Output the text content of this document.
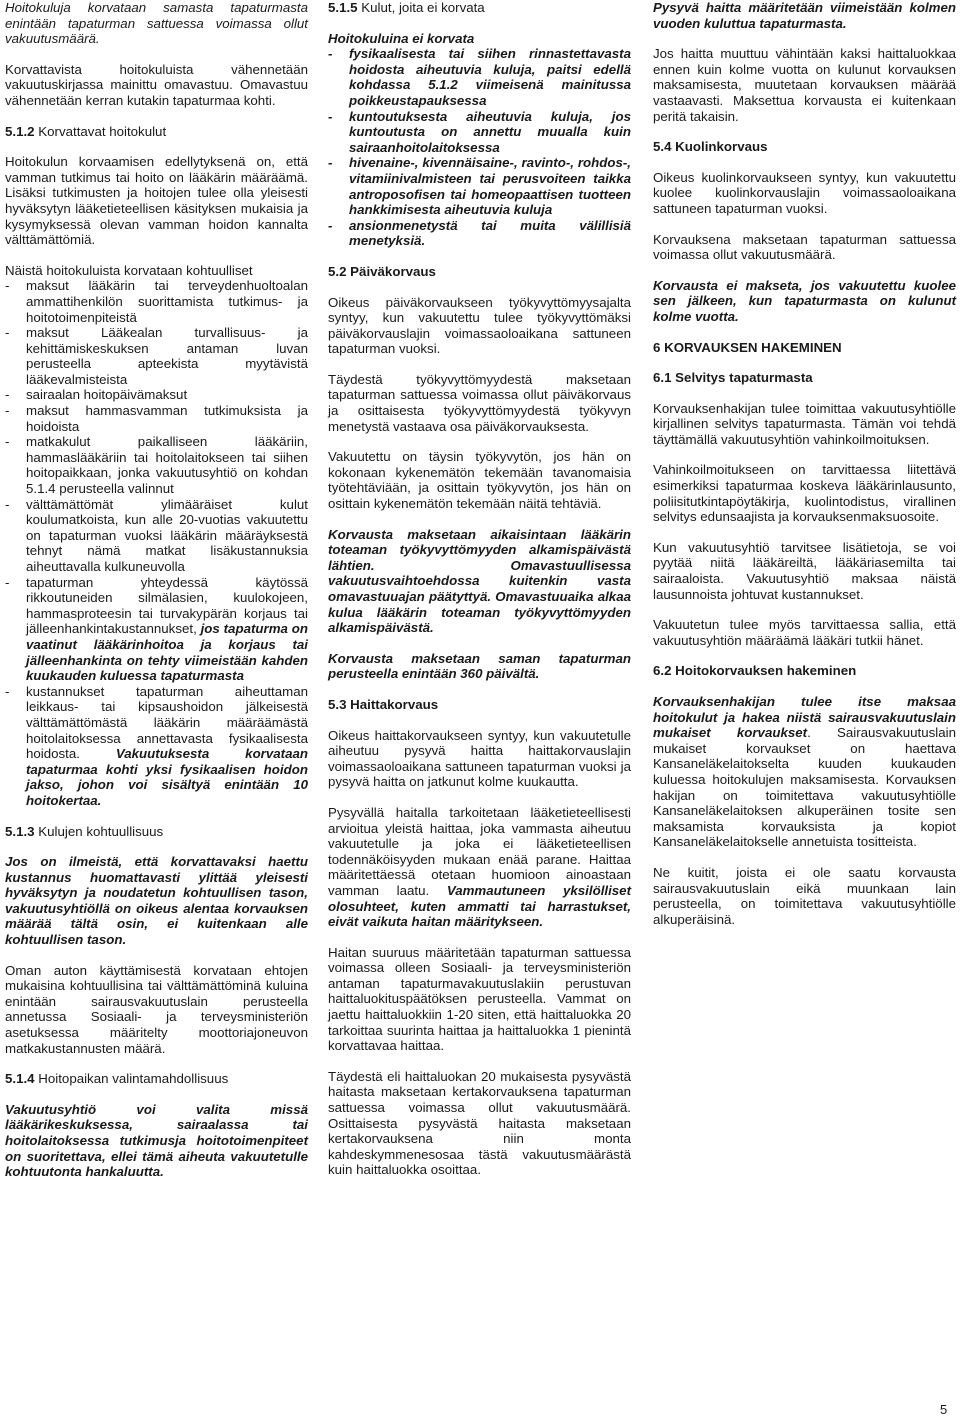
Hoitokuluja korvataan samasta tapaturmasta enintään tapaturman sattuessa voimassa ollut vakuutusmäärä.

Korvattavista hoitokuluista vähennetään vakuutuskirjassa mainittu omavastuu. Omavastuu vähennetään kerran kutakin tapaturmaa kohti.

5.1.2 Korvattavat hoitokulut

Hoitokulun korvaamisen edellytyksenä on, että vamman tutkimus tai hoito on lääkärin määräämä. Lisäksi tutkimusten ja hoitojen tulee olla yleisesti hyväksytyn lääketieteellisen käsityksen mukaisia ja kysymyksessä olevan vamman hoidon kannalta välttämättömiä.

Näistä hoitokuluista korvataan kohtuulliset

- maksut lääkärin tai terveydenhuoltoalan ammattihenkilön suorittamista tutkimus- ja hoitotoimenpiteistä

- maksut Lääkealan turvallisuus- ja kehittämiskeskuksen antaman luvan perusteella apteekista myytävistä lääkevalmisteista

- sairaalan hoitopäivämaksut

- maksut hammasvamman tutkimuksista ja hoidoista

- matkakulut paikalliseen lääkäriin, hammaslääkäriin tai hoitolaitokseen tai siihen hoitopaikkaan, jonka vakuutusyhtiö on kohdan 5.1.4 perusteella valinnut

- välttämättömät ylimääräiset kulut koulumatkoista, kun alle 20-vuotias vakuutettu on tapaturman vuoksi lääkärin määräyksestä tehnyt nämä matkat lisäkustannuksia aiheuttavalla kulkuneuvolla

- tapaturman yhteydessä käytössä rikkoutuneiden silmälasien, kuulokojeen, hammasproteesin tai turvakypärän korjaus tai jälleenhankintakustannukset, jos tapaturma on vaatinut lääkärinhoitoa ja korjaus tai jälleenhankinta on tehty viimeistään kahden kuukauden kuluessa tapaturmasta

- kustannukset tapaturman aiheuttaman leikkaus- tai kipsaushoidon jälkeisestä välttämättömästä lääkärin määräämästä hoitolaitoksessa annettavasta fysikaalisesta hoidosta. Vakuutuksesta korvataan tapaturmaa kohti yksi fysikaalisen hoidon jakso, johon voi sisältyä enintään 10 hoitokertaa.

5.1.3 Kulujen kohtuullisuus

Jos on ilmeistä, että korvattavaksi haettu kustannus huomattavasti ylittää yleisesti hyväksytyn ja noudatetun kohtuullisen tason, vakuutusyhtiöllä on oikeus alentaa korvauksen määrää tältä osin, ei kuitenkaan alle kohtuullisen tason.

Oman auton käyttämisestä korvataan ehtojen mukaisina kohtuullisina tai välttämättöminä kuluina enintään sairausvakuutuslain perusteella annetussa Sosiaali- ja terveysministeriön asetuksessa määritelty moottoriajoneuvon matkakustannusten määrä.

5.1.4 Hoitopaikan valintamahdollisuus

Vakuutusyhtiö voi valita missä lääkärikeskuksessa, sairaalassa tai hoitolaitoksessa tutkimusja hoitotoimenpiteet on suoritettava, ellei tämä aiheuta vakuutetulle kohtuutonta hankaluutta.

5.1.5 Kulut, joita ei korvata

Hoitokuluina ei korvata

- fysikaalisesta tai siihen rinnastettavasta hoidosta aiheutuvia kuluja, paitsi edellä kohdassa 5.1.2 viimeisenä mainitussa poikkeustapauksessa

- kuntoutuksesta aiheutuvia kuluja, jos kuntoutusta on annettu muualla kuin sairaanhoitolaitoksessa

- hivenaine-, kivennäisaine-, ravinto-, rohdos-, vitamiinivalmisteen tai perusvoiteen taikka antroposofisen tai homeopaattisen tuotteen hankkimisesta aiheutuvia kuluja

- ansionmenetystä tai muita välillisiä menetyksiä.

5.2 Päiväkorvaus

Oikeus päiväkorvaukseen työkyvyttömyysajalta syntyy, kun vakuutettu tulee työkyvyttömäksi päiväkorvauslajin voimassaoloaikana sattuneen tapaturman vuoksi.

Täydestä työkyvyttömyydestä maksetaan tapaturman sattuessa voimassa ollut päiväkorvaus ja osittaisesta työkyvyttömyydestä työkyvyn menetystä vastaava osa päiväkorvauksesta.

Vakuutettu on täysin työkyvytön, jos hän on kokonaan kykenemätön tekemään tavanomaisia työtehtäviään, ja osittain työkyvytön, jos hän on osittain kykenemätön tekemään näitä tehtäviä.

Korvausta maksetaan aikaisintaan lääkärin toteaman työkyvyttömyyden alkamispäivästä lähtien. Omavastuullisessa vakuutusvaihtoehdossa kuitenkin vasta omavastuuajan päätyttyä. Omavastuuaika alkaa kulua lääkärin toteaman työkyvyttömyyden alkamispäivästä.

Korvausta maksetaan saman tapaturman perusteella enintään 360 päivältä.

5.3 Haittakorvaus

Oikeus haittakorvaukseen syntyy, kun vakuutetulle aiheutuu pysyvä haitta haittakorvauslajin voimassaoloaikana sattuneen tapaturman vuoksi ja pysyvä haitta on jatkunut kolme kuukautta.

Pysyvällä haitalla tarkoitetaan lääketieteellisesti arvioitua yleistä haittaa, joka vammasta aiheutuu vakuutetulle ja joka ei lääketieteellisen todennäköisyyden mukaan enää parane. Haittaa määritettäessä otetaan huomioon ainoastaan vamman laatu. Vammautuneen yksilölliset olosuhteet, kuten ammatti tai harrastukset, eivät vaikuta haitan määritykseen.

Haitan suuruus määritetään tapaturman sattuessa voimassa olleen Sosiaali- ja terveysministeriön antaman tapaturmavakuutuslakiin perustuvan haittaluokituspäätöksen perusteella. Vammat on jaettu haittaluokkiin 1-20 siten, että haittaluokka 20 tarkoittaa suurinta haittaa ja haittaluokka 1 pienintä korvattavaa haittaa.

Täydestä eli haittaluokan 20 mukaisesta pysyvästä haitasta maksetaan kertakorvauksena tapaturman sattuessa voimassa ollut vakuutusmäärä. Osittaisesta pysyvästä haitasta maksetaan kertakorvauksena niin monta kahdeskymmenesosaa tästä vakuutusmäärästä kuin haittaluokka osoittaa.

Pysyvä haitta määritetään viimeistään kolmen vuoden kuluttua tapaturmasta.

Jos haitta muuttuu vähintään kaksi haittaluokkaa ennen kuin kolme vuotta on kulunut korvauksen maksamisesta, muutetaan korvauksen määrää vastaavasti. Maksettua korvausta ei kuitenkaan peritä takaisin.

5.4 Kuolinkorvaus

Oikeus kuolinkorvaukseen syntyy, kun vakuutettu kuolee kuolinkorvauslajin voimassaoloaikana sattuneen tapaturman vuoksi.

Korvauksena maksetaan tapaturman sattuessa voimassa ollut vakuutusmäärä.

Korvausta ei makseta, jos vakuutettu kuolee sen jälkeen, kun tapaturmasta on kulunut kolme vuotta.

6 KORVAUKSEN HAKEMINEN

6.1 Selvitys tapaturmasta

Korvauksenhakijan tulee toimittaa vakuutusyhtiölle kirjallinen selvitys tapaturmasta. Tämän voi tehdä täyttämällä vakuutusyhtiön vahinkoilmoituksen.

Vahinkoilmoitukseen on tarvittaessa liitettävä esimerkiksi tapaturmaa koskeva lääkärinlausunto, poliisitutkintapöytäkirja, kuolintodistus, virallinen selvitys edunsaajista ja korvauksenmaksuosoite.

Kun vakuutusyhtiö tarvitsee lisätietoja, se voi pyytää niitä lääkäreiltä, lääkäriasemilta tai sairaaloista. Vakuutusyhtiö maksaa näistä lausunnoista johtuvat kustannukset.

Vakuutetun tulee myös tarvittaessa sallia, että vakuutusyhtiön määräämä lääkäri tutkii hänet.

6.2 Hoitokorvauksen hakeminen

Korvauksenhakijan tulee itse maksaa hoitokulut ja hakea niistä sairausvakuutuslain mukaiset korvaukset. Sairausvakuutuslain mukaiset korvaukset on haettava Kansaneläkelaitokselta kuuden kuukauden kuluessa hoitokulujen maksamisesta. Korvauksen hakijan on toimitettava vakuutusyhtiölle Kansaneläkelaitoksen alkuperäinen tosite sen maksamista korvauksista ja kopiot Kansaneläkelaitokselle annetuista tositteista.

Ne kuitit, joista ei ole saatu korvausta sairausvakuutuslain eikä muunkaan lain perusteella, on toimitettava vakuutusyhtiölle alkuperäisinä.

5
